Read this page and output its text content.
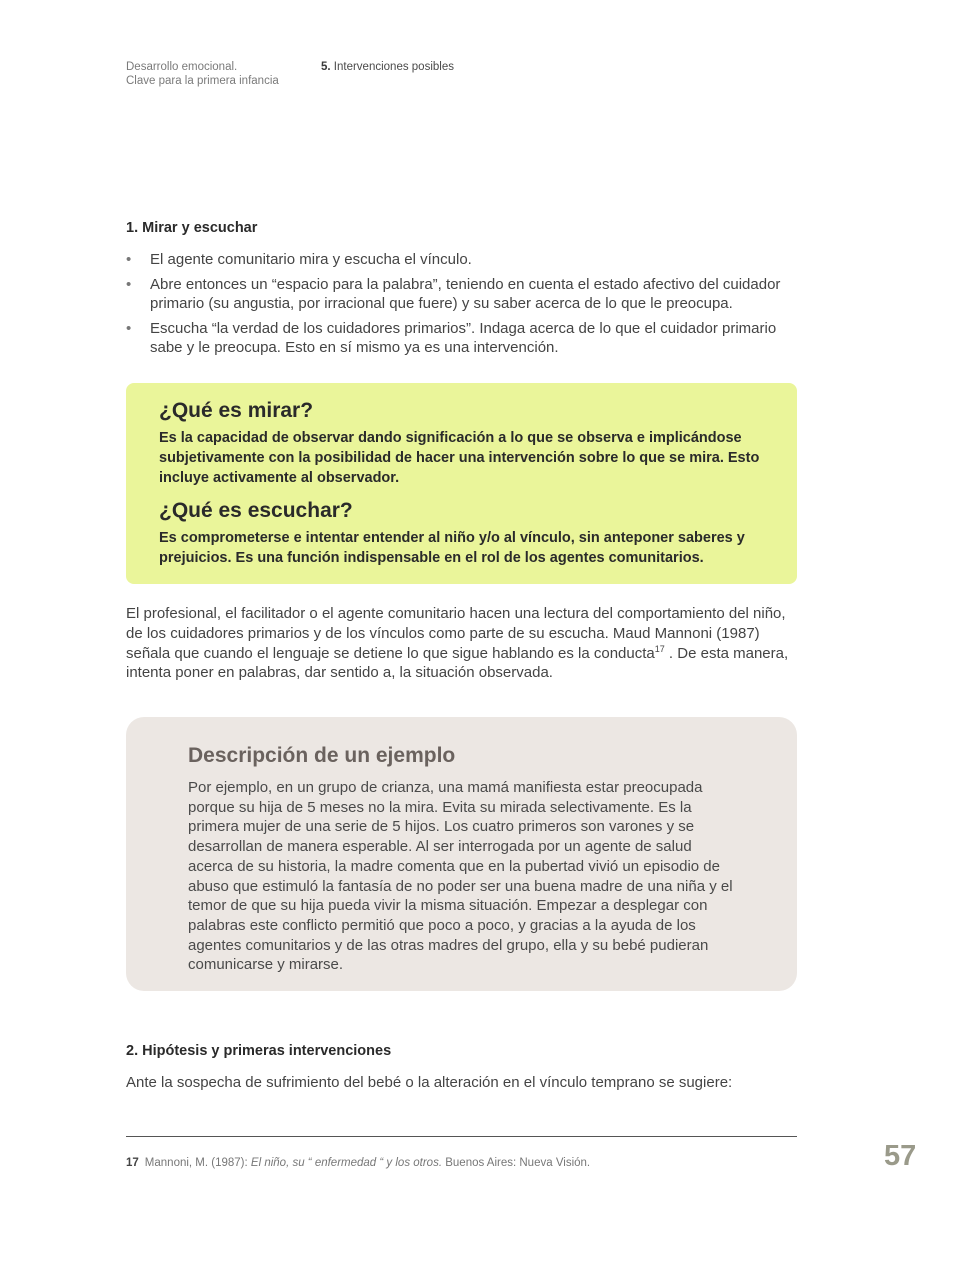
Desarrollo emocional.
Clave para la primera infancia
5. Intervenciones posibles
1. Mirar y escuchar
• El agente comunitario mira y escucha el vínculo.
• Abre entonces un “espacio para la palabra”, teniendo en cuenta el estado afectivo del cuidador primario (su angustia, por irracional que fuere) y su saber acerca de lo que le preocupa.
• Escucha “la verdad de los cuidadores primarios”. Indaga acerca de lo que el cuidador primario sabe y le preocupa. Esto en sí mismo ya es una intervención.
¿Qué es mirar?

Es la capacidad de observar dando significación a lo que se observa e implicándose subjetivamente con la posibilidad de hacer una intervención sobre lo que se mira. Esto incluye activamente al observador.

¿Qué es escuchar?

Es comprometerse e intentar entender al niño y/o al vínculo, sin anteponer saberes y prejuicios. Es una función indispensable en el rol de los agentes comunitarios.

El profesional, el facilitador o el agente comunitario hacen una lectura del comportamiento del niño, de los cuidadores primarios y de los vínculos como parte de su escucha. Maud Mannoni (1987) señala que cuando el lenguaje se detiene lo que sigue hablando es la conducta$^{17}$ . De esta manera, intenta poner en palabras, dar sentido a, la situación observada.

Descripción de un ejemplo

Por ejemplo, en un grupo de crianza, una mamá manifiesta estar preocupada porque su hija de 5 meses no la mira. Evita su mirada selectivamente. Es la primera mujer de una serie de 5 hijos. Los cuatro primeros son varones y se desarrollan de manera esperable. Al ser interrogada por un agente de salud acerca de su historia, la madre comenta que en la pubertad vivió un episodio de abuso que estimuló la fantasía de no poder ser una buena madre de una niña y el temor de que su hija pueda vivir la misma situación. Empezar a desplegar con palabras este conflicto permitió que poco a poco, y gracias a la ayuda de los agentes comunitarios y de las otras madres del grupo, ella y su bebé pudieran comunicarse y mirarse.

2. Hipótesis y primeras intervenciones

Ante la sospecha de sufrimiento del bebé o la alteración en el vínculo temprano se sugiere:

17 Mannoni, M. (1987): El niño, su “ enfermedad “ y los otros. Buenos Aires: Nueva Visión.	57
